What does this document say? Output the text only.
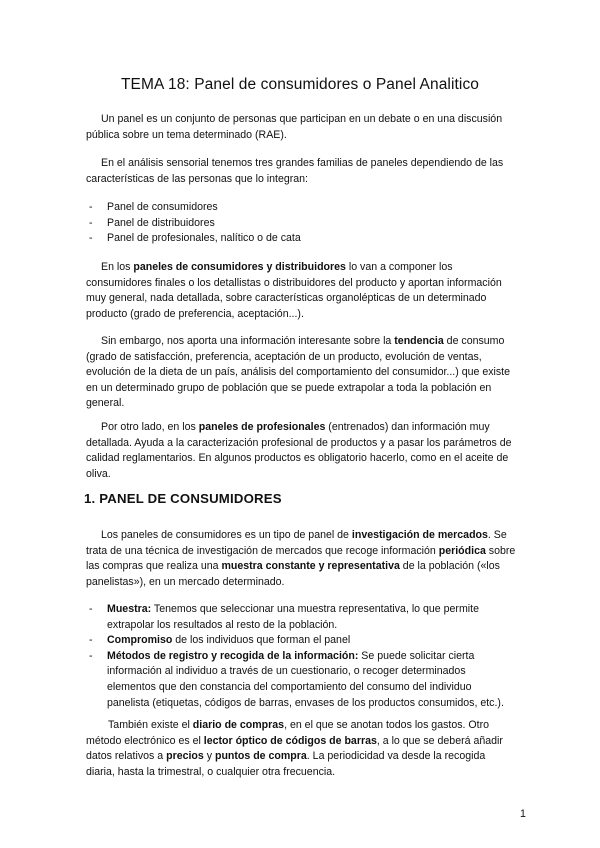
TEMA 18: Panel de consumidores o Panel Analitico

Un panel es un conjunto de personas que participan en un debate o en una discusión pública sobre un tema determinado (RAE).

En el análisis sensorial tenemos tres grandes familias de paneles dependiendo de las características de las personas que lo integran:

- Panel de consumidores
- Panel de distribuidores
- Panel de profesionales, nalítico o de cata

En los paneles de consumidores y distribuidores lo van a componer los consumidores finales o los detallistas o distribuidores del producto y aportan información muy general, nada detallada, sobre características organolépticas de un determinado producto (grado de preferencia, aceptación...).

Sin embargo, nos aporta una información interesante sobre la tendencia de consumo (grado de satisfacción, preferencia, aceptación de un producto, evolución de ventas, evolución de la dieta de un país, análisis del comportamiento del consumidor...) que existe en un determinado grupo de población que se puede extrapolar a toda la población en general.

Por otro lado, en los paneles de profesionales (entrenados) dan información muy detallada. Ayuda a la caracterización profesional de productos y a pasar los parámetros de calidad reglamentarios. En algunos productos es obligatorio hacerlo, como en el aceite de oliva.

1. PANEL DE CONSUMIDORES

Los paneles de consumidores es un tipo de panel de investigación de mercados. Se trata de una técnica de investigación de mercados que recoge información periódica sobre las compras que realiza una muestra constante y representativa de la población («los panelistas»), en un mercado determinado.

- Muestra: Tenemos que seleccionar una muestra representativa, lo que permite extrapolar los resultados al resto de la población.
- Compromiso de los individuos que forman el panel
- Métodos de registro y recogida de la información: Se puede solicitar cierta información al individuo a través de un cuestionario, o recoger determinados elementos que den constancia del comportamiento del consumo del individuo panelista (etiquetas, códigos de barras, envases de los productos consumidos, etc.).

También existe el diario de compras, en el que se anotan todos los gastos. Otro método electrónico es el lector óptico de códigos de barras, a lo que se deberá añadir datos relativos a precios y puntos de compra. La periodicidad va desde la recogida diaria, hasta la trimestral, o cualquier otra frecuencia.

1
